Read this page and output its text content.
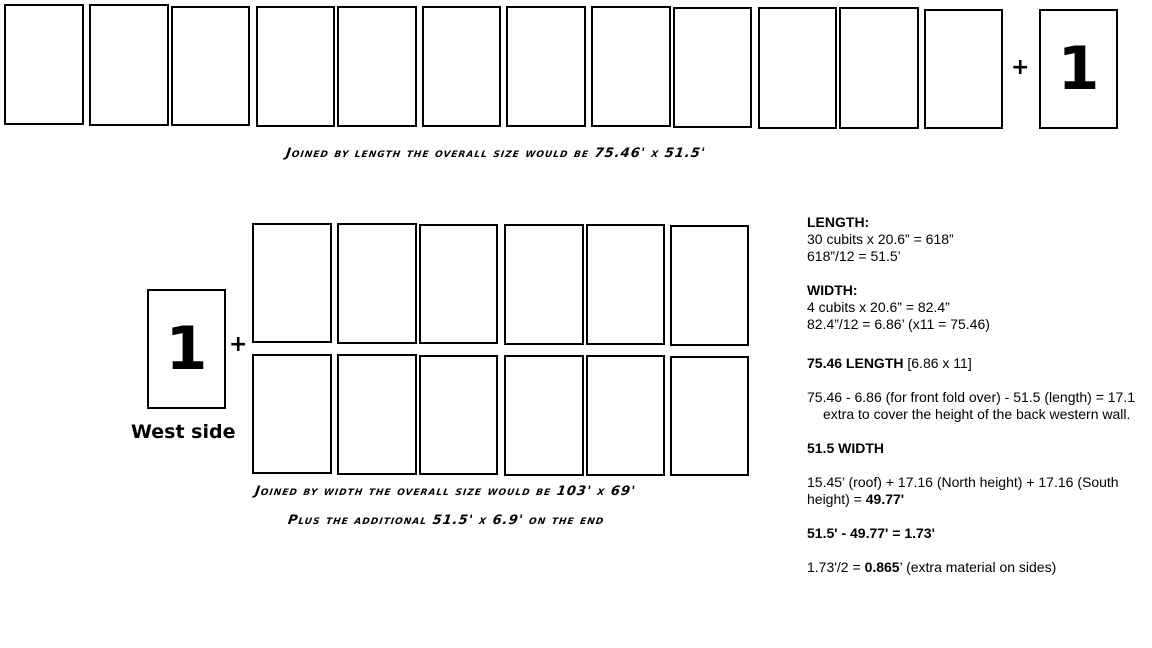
+ 1
Joined by length the overall size would be 75.46' x 51.5'
1 +
West side
Joined by width the overall size would be 103' x 69'
Plus the additional 51.5' x 6.9' on the end

LENGTH:

30 cubits x 20.6” = 618”

618”/12 = 51.5’

WIDTH:

4 cubits x 20.6” = 82.4”

82.4”/12 = 6.86’ (x11 = 75.46)

75.46 LENGTH [6.86 x 11]

75.46 - 6.86 (for front fold over) - 51.5 (length) = 17.1

extra to cover the height of the back western wall.

51.5 WIDTH

15.45’ (roof) + 17.16 (North height) + 17.16 (South height) = 49.77'

51.5' - 49.77' = 1.73'

1.73'/2 = 0.865’ (extra material on sides)
